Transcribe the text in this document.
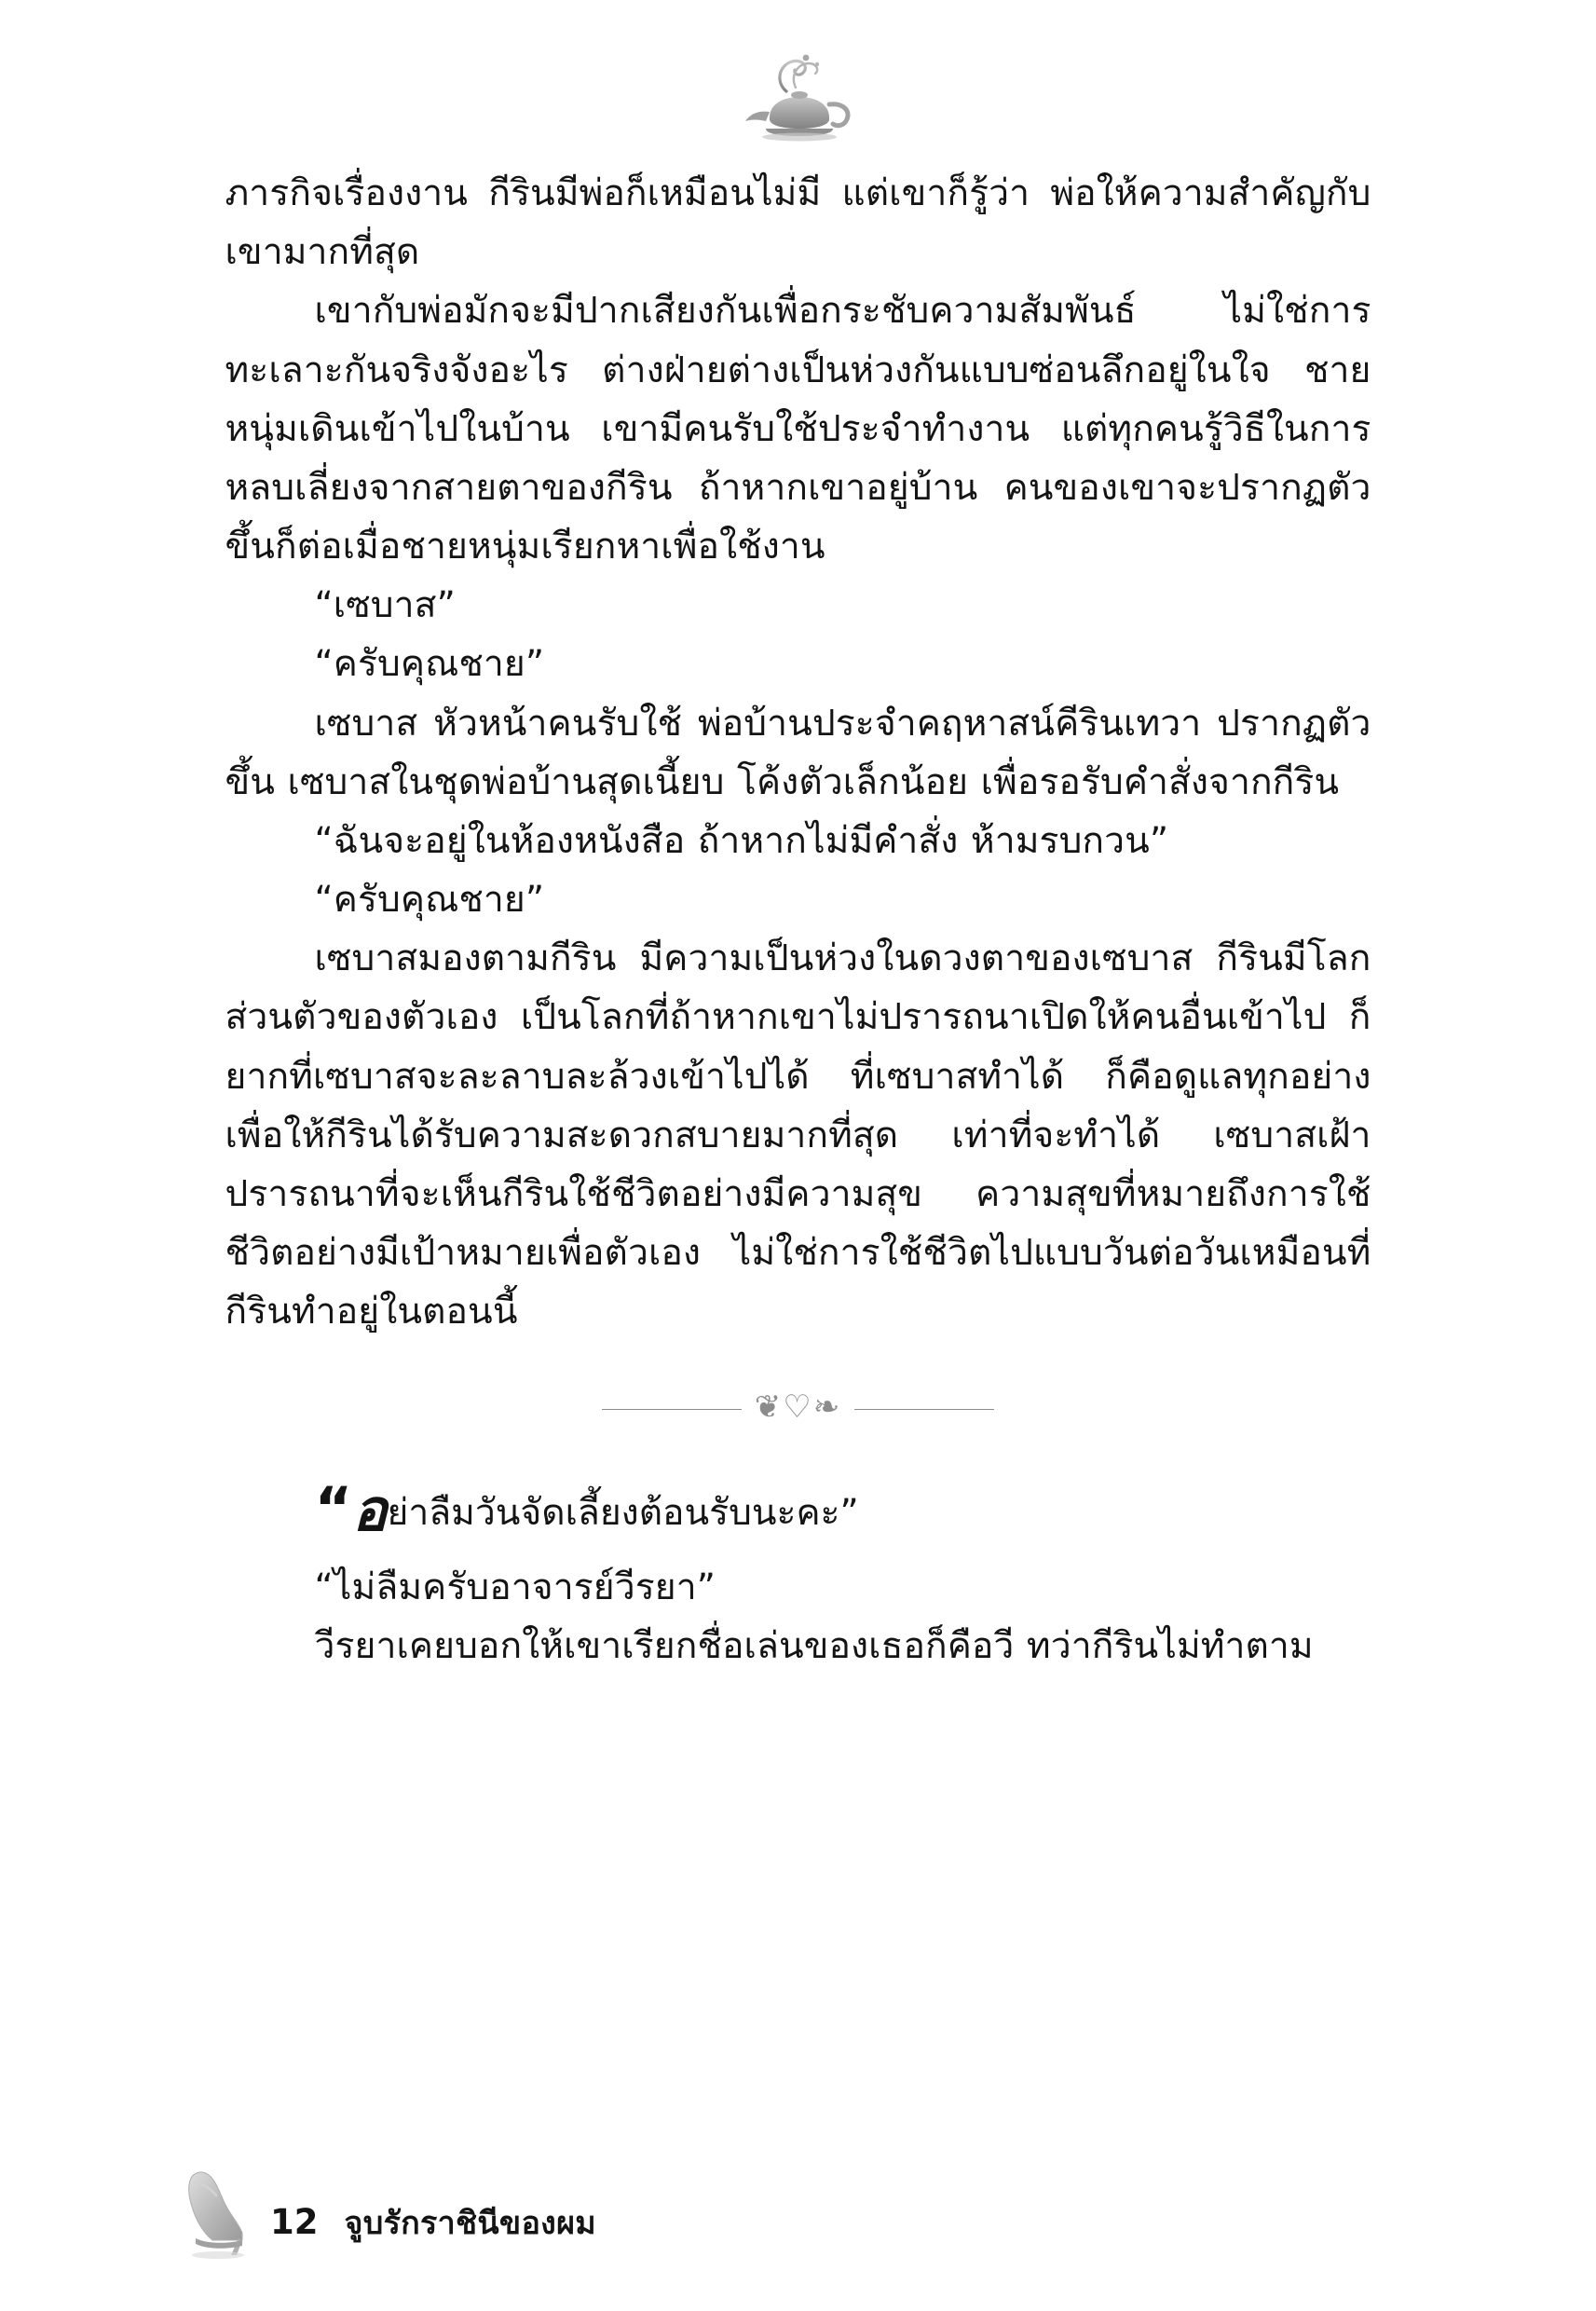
ภารกิจเรื่องงาน กีรินมีพ่อก็เหมือนไม่มี แต่เขาก็รู้ว่า พ่อให้ความสำคัญกับเขามากที่สุด

เขากับพ่อมักจะมีปากเสียงกันเพื่อกระชับความสัมพันธ์ ไม่ใช่การทะเลาะกันจริงจังอะไร ต่างฝ่ายต่างเป็นห่วงกันแบบซ่อนลึกอยู่ในใจ ชายหนุ่มเดินเข้าไปในบ้าน เขามีคนรับใช้ประจำทำงาน แต่ทุกคนรู้วิธีในการหลบเลี่ยงจากสายตาของกีริน ถ้าหากเขาอยู่บ้าน คนของเขาจะปรากฏตัวขึ้นก็ต่อเมื่อชายหนุ่มเรียกหาเพื่อใช้งาน

“เซบาส”

“ครับคุณชาย”

เซบาส หัวหน้าคนรับใช้ พ่อบ้านประจำคฤหาสน์คีรินเทวา ปรากฏตัวขึ้น เซบาสในชุดพ่อบ้านสุดเนี้ยบ โค้งตัวเล็กน้อย เพื่อรอรับคำสั่งจากกีริน

“ฉันจะอยู่ในห้องหนังสือ ถ้าหากไม่มีคำสั่ง ห้ามรบกวน”

“ครับคุณชาย”

เซบาสมองตามกีริน มีความเป็นห่วงในดวงตาของเซบาส กีรินมีโลกส่วนตัวของตัวเอง เป็นโลกที่ถ้าหากเขาไม่ปรารถนาเปิดให้คนอื่นเข้าไป ก็ยากที่เซบาสจะละลาบละล้วงเข้าไปได้ ที่เซบาสทำได้ ก็คือดูแลทุกอย่าง เพื่อให้กีรินได้รับความสะดวกสบายมากที่สุด เท่าที่จะทำได้ เซบาสเฝ้าปรารถนาที่จะเห็นกีรินใช้ชีวิตอย่างมีความสุข ความสุขที่หมายถึงการใช้ชีวิตอย่างมีเป้าหมายเพื่อตัวเอง ไม่ใช่การใช้ชีวิตไปแบบวันต่อวันเหมือนที่กีรินทำอยู่ในตอนนี้

❦♡❧

“อย่าลืมวันจัดเลี้ยงต้อนรับนะคะ”

“ไม่ลืมครับอาจารย์วีรยา”

วีรยาเคยบอกให้เขาเรียกชื่อเล่นของเธอก็คือวี ทว่ากีรินไม่ทำตาม

12 จูบรักราชินีของผม
